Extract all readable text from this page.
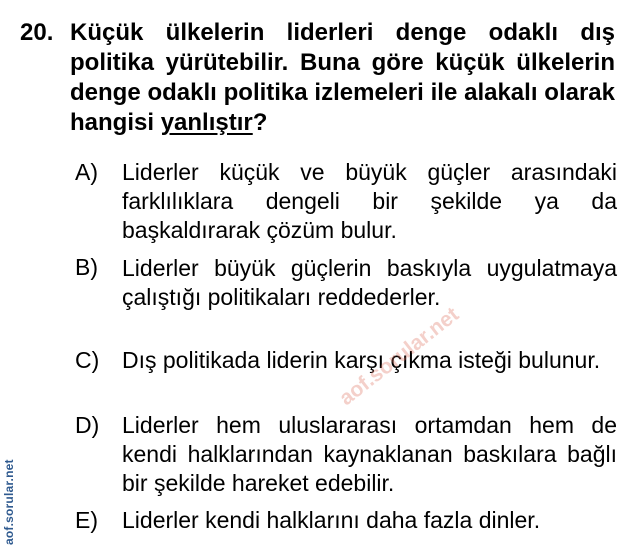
20. Küçük ülkelerin liderleri denge odaklı dış politika yürütebilir. Buna göre küçük ülkelerin denge odaklı politika izlemeleri ile alakalı olarak hangisi yanlıştır?

A) Liderler küçük ve büyük güçler arasındaki farklılıklara dengeli bir şekilde ya da başkaldırarak çözüm bulur.

B) Liderler büyük güçlerin baskıyla uygulatmaya çalıştığı politikaları reddederler.

C) Dış politikada liderin karşı çıkma isteği bulunur.

D) Liderler hem uluslararası ortamdan hem de kendi halklarından kaynaklanan baskılara bağlı bir şekilde hareket edebilir.

E) Liderler kendi halklarını daha fazla dinler.

aof.sorular.net
aof.sorular.net
